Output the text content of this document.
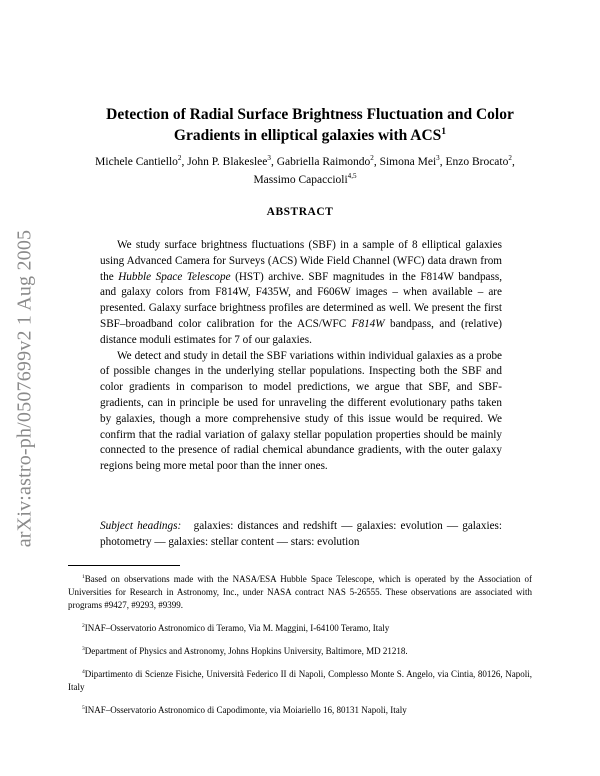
arXiv:astro-ph/0507699v2 1 Aug 2005
Detection of Radial Surface Brightness Fluctuation and Color
Gradients in elliptical galaxies with ACS$^1$
Michele Cantiello$^2$, John P. Blakeslee$^3$, Gabriella Raimondo$^2$, Simona Mei$^3$, Enzo Brocato$^2$,
Massimo Capaccioli$^{4,5}$
ABSTRACT

We study surface brightness fluctuations (SBF) in a sample of 8 elliptical galaxies using Advanced Camera for Surveys (ACS) Wide Field Channel (WFC) data drawn from the Hubble Space Telescope (HST) archive. SBF magnitudes in the F814W bandpass, and galaxy colors from F814W, F435W, and F606W images – when available – are presented. Galaxy surface brightness profiles are determined as well. We present the first SBF–broadband color calibration for the ACS/WFC F814W bandpass, and (relative) distance moduli estimates for 7 of our galaxies.

We detect and study in detail the SBF variations within individual galaxies as a probe of possible changes in the underlying stellar populations. Inspecting both the SBF and color gradients in comparison to model predictions, we argue that SBF, and SBF-gradients, can in principle be used for unraveling the different evolutionary paths taken by galaxies, though a more comprehensive study of this issue would be required. We confirm that the radial variation of galaxy stellar population properties should be mainly connected to the presence of radial chemical abundance gradients, with the outer galaxy regions being more metal poor than the inner ones.

Subject headings: galaxies: distances and redshift — galaxies: evolution — galaxies: photometry — galaxies: stellar content — stars: evolution
$^1$Based on observations made with the NASA/ESA Hubble Space Telescope, which is operated by the Association of Universities for Research in Astronomy, Inc., under NASA contract NAS 5-26555. These observations are associated with programs #9427, #9293, #9399.
$^2$INAF–Osservatorio Astronomico di Teramo, Via M. Maggini, I-64100 Teramo, Italy
$^3$Department of Physics and Astronomy, Johns Hopkins University, Baltimore, MD 21218.
$^4$Dipartimento di Scienze Fisiche, Università Federico II di Napoli, Complesso Monte S. Angelo, via Cintia, 80126, Napoli, Italy
$^5$INAF–Osservatorio Astronomico di Capodimonte, via Moiariello 16, 80131 Napoli, Italy
